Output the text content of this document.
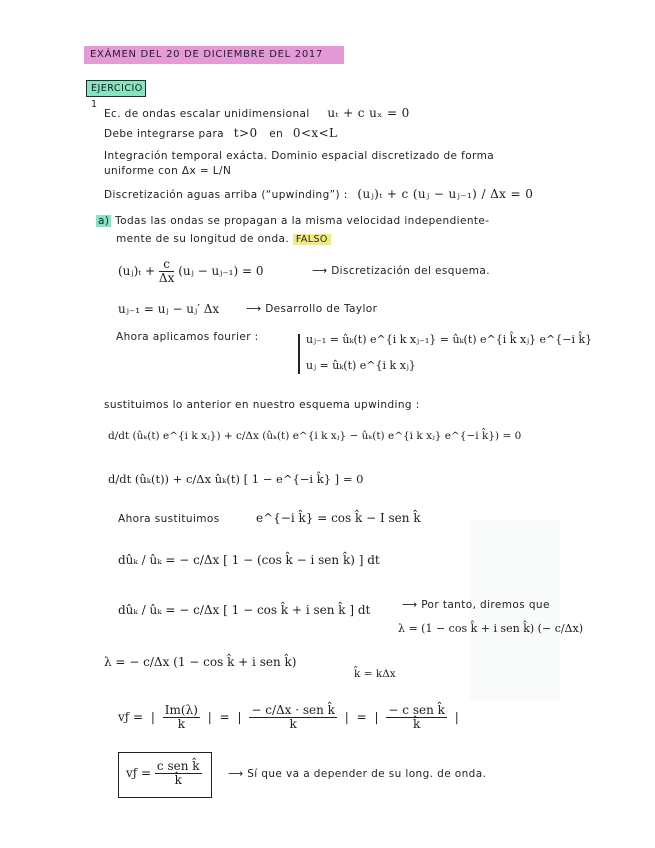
EXÁMEN DEL 20 DE DICIEMBRE DEL 2017
EJERCICIO 1
Ec. de ondas escalar unidimensional uₜ + c uₓ = 0
Debe integrarse para t>0 en 0<x<L
Integración temporal exácta. Dominio espacial discretizado de forma
uniforme con Δx = L/N
Discretización aguas arriba (“upwinding”) : (uⱼ)ₜ + c (uⱼ − uⱼ₋₁) / Δx = 0
a) Todas las ondas se propagan a la misma velocidad independiente-
mente de su longitud de onda. FALSO
(uⱼ)ₜ + $\frac{c}{\Delta x}$ (uⱼ − uⱼ₋₁) = 0	⟶ Discretización del esquema.
uⱼ₋₁ = uⱼ − uⱼ′ Δx	⟶ Desarrollo de Taylor
Ahora aplicamos fourier :	uⱼ₋₁ = ûₖ(t) e^{i k xⱼ₋₁} = ûₖ(t) e^{i k̂ xⱼ} e^{−i k̂}
uⱼ = ûₖ(t) e^{i k xⱼ}
sustituimos lo anterior en nuestro esquema upwinding :
d/dt (ûₖ(t) e^{i k xⱼ}) + c/Δx (ûₖ(t) e^{i k xⱼ} − ûₖ(t) e^{i k xⱼ} e^{−i k̂}) = 0
d/dt (ûₖ(t)) + c/Δx ûₖ(t) [ 1 − e^{−i k̂} ] = 0
Ahora sustituimos	e^{−i k̂} = cos k̂ − I sen k̂
dûₖ / ûₖ = − c/Δx [ 1 − (cos k̂ − i sen k̂) ] dt
dûₖ / ûₖ = − c/Δx [ 1 − cos k̂ + i sen k̂ ] dt	⟶ Por tanto, diremos que
λ = (1 − cos k̂ + i sen k̂) (− c/Δx)
λ = − c/Δx (1 − cos k̂ + i sen k̂)
k̂ = kΔx
vƒ = | $\frac{Im(\lambda)}{k}$ | = | $\frac{\text{− c/Δx · sen k̂}}{k}$ | = | $\frac{\text{− c sen k̂}}{k̂}$ |
vƒ = $\frac{\text{c sen k̂}}{k̂}$	⟶ Sí que va a depender de su long. de onda.
